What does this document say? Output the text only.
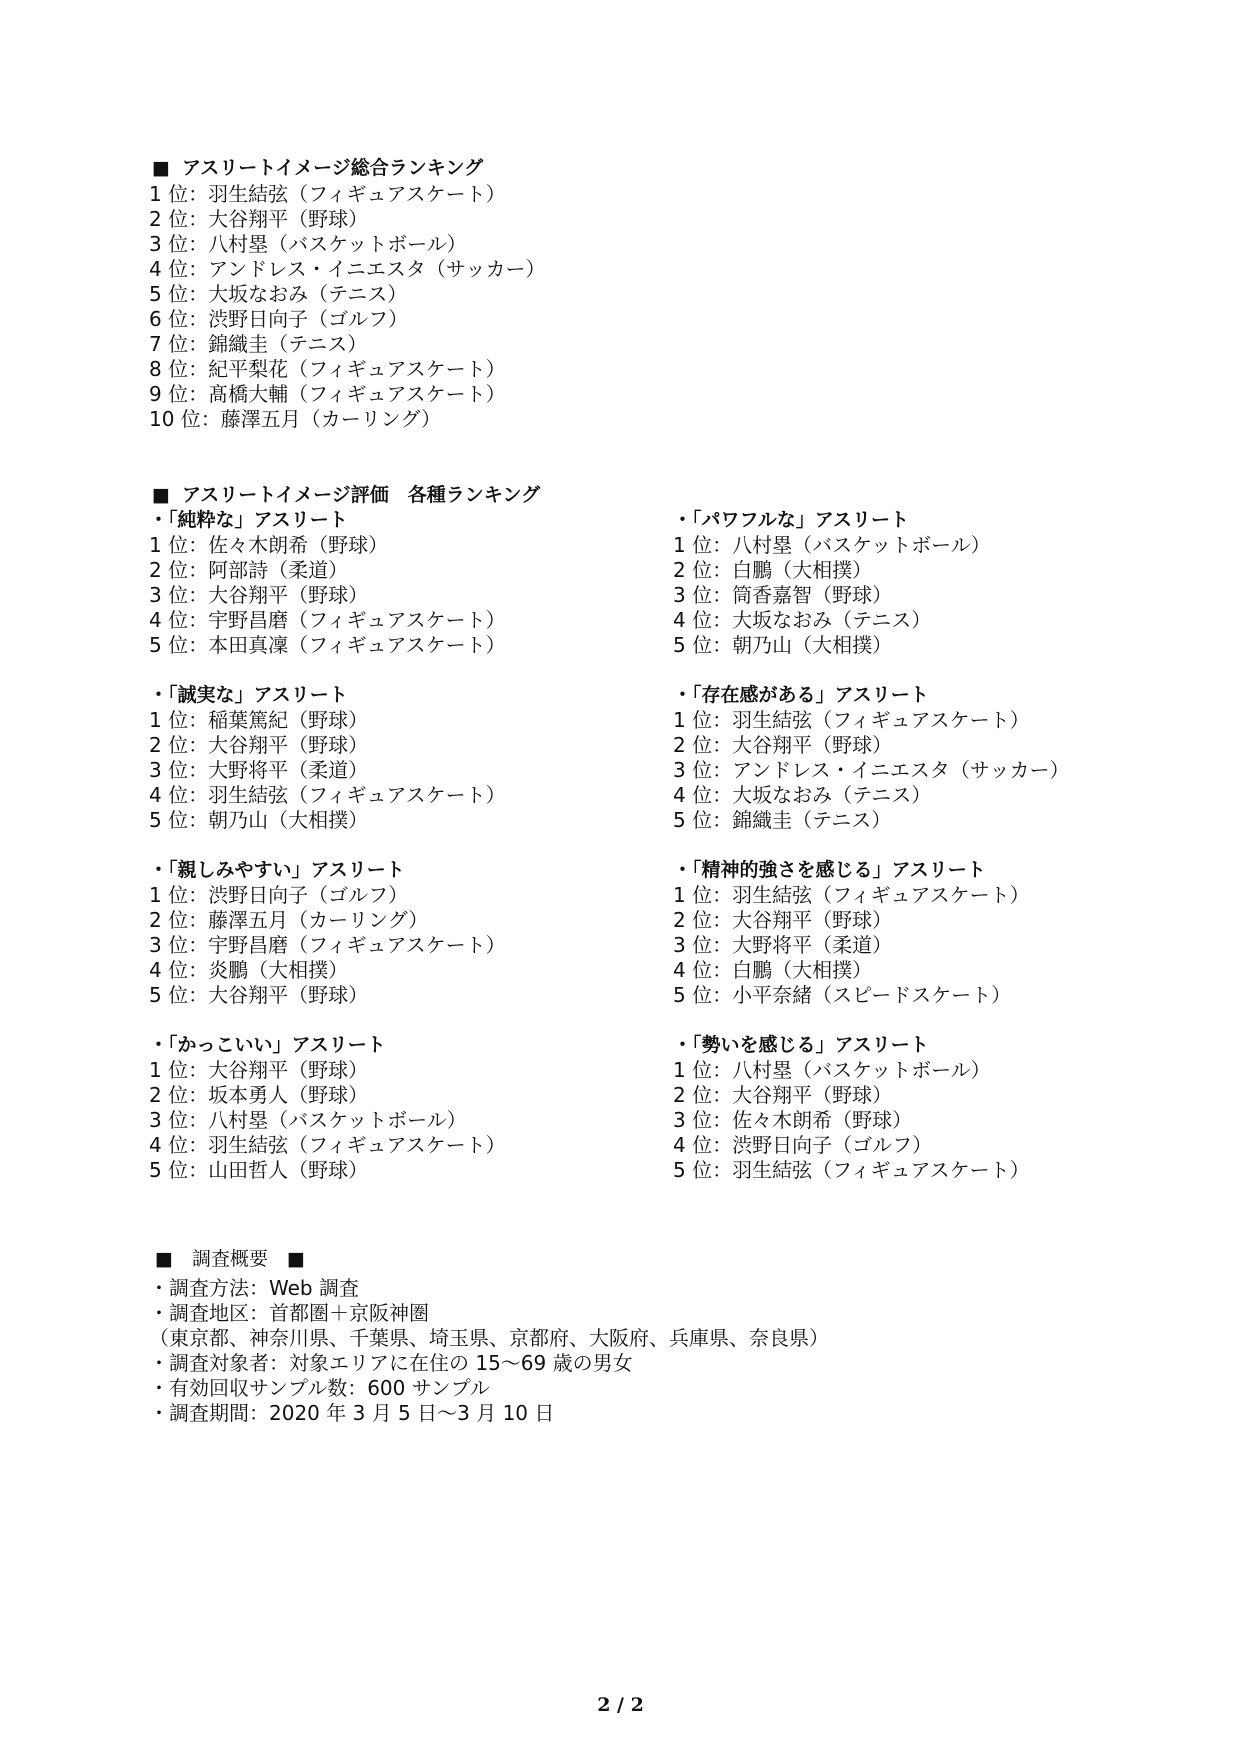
■ アスリートイメージ総合ランキング
1 位：羽生結弦（フィギュアスケート）
2 位：大谷翔平（野球）
3 位：八村塁（バスケットボール）
4 位：アンドレス・イニエスタ（サッカー）
5 位：大坂なおみ（テニス）
6 位：渋野日向子（ゴルフ）
7 位：錦織圭（テニス）
8 位：紀平梨花（フィギュアスケート）
9 位：髙橋大輔（フィギュアスケート）
10 位：藤澤五月（カーリング）
■ アスリートイメージ評価　各種ランキング
・「純粋な」アスリート
1 位：佐々木朗希（野球）
2 位：阿部詩（柔道）
3 位：大谷翔平（野球）
4 位：宇野昌磨（フィギュアスケート）
5 位：本田真凜（フィギュアスケート）
・「パワフルな」アスリート
1 位：八村塁（バスケットボール）
2 位：白鵬（大相撲）
3 位：筒香嘉智（野球）
4 位：大坂なおみ（テニス）
5 位：朝乃山（大相撲）
・「誠実な」アスリート
1 位：稲葉篤紀（野球）
2 位：大谷翔平（野球）
3 位：大野将平（柔道）
4 位：羽生結弦（フィギュアスケート）
5 位：朝乃山（大相撲）
・「存在感がある」アスリート
1 位：羽生結弦（フィギュアスケート）
2 位：大谷翔平（野球）
3 位：アンドレス・イニエスタ（サッカー）
4 位：大坂なおみ（テニス）
5 位：錦織圭（テニス）
・「親しみやすい」アスリート
1 位：渋野日向子（ゴルフ）
2 位：藤澤五月（カーリング）
3 位：宇野昌磨（フィギュアスケート）
4 位：炎鵬（大相撲）
5 位：大谷翔平（野球）
・「精神的強さを感じる」アスリート
1 位：羽生結弦（フィギュアスケート）
2 位：大谷翔平（野球）
3 位：大野将平（柔道）
4 位：白鵬（大相撲）
5 位：小平奈緒（スピードスケート）
・「かっこいい」アスリート
1 位：大谷翔平（野球）
2 位：坂本勇人（野球）
3 位：八村塁（バスケットボール）
4 位：羽生結弦（フィギュアスケート）
5 位：山田哲人（野球）
・「勢いを感じる」アスリート
1 位：八村塁（バスケットボール）
2 位：大谷翔平（野球）
3 位：佐々木朗希（野球）
4 位：渋野日向子（ゴルフ）
5 位：羽生結弦（フィギュアスケート）
■　調査概要　■
・調査方法：Web 調査
・調査地区：首都圏＋京阪神圏
（東京都、神奈川県、千葉県、埼玉県、京都府、大阪府、兵庫県、奈良県）
・調査対象者：対象エリアに在住の 15～69 歳の男女
・有効回収サンプル数：600 サンプル
・調査期間：2020 年 3 月 5 日～3 月 10 日
2 / 2
